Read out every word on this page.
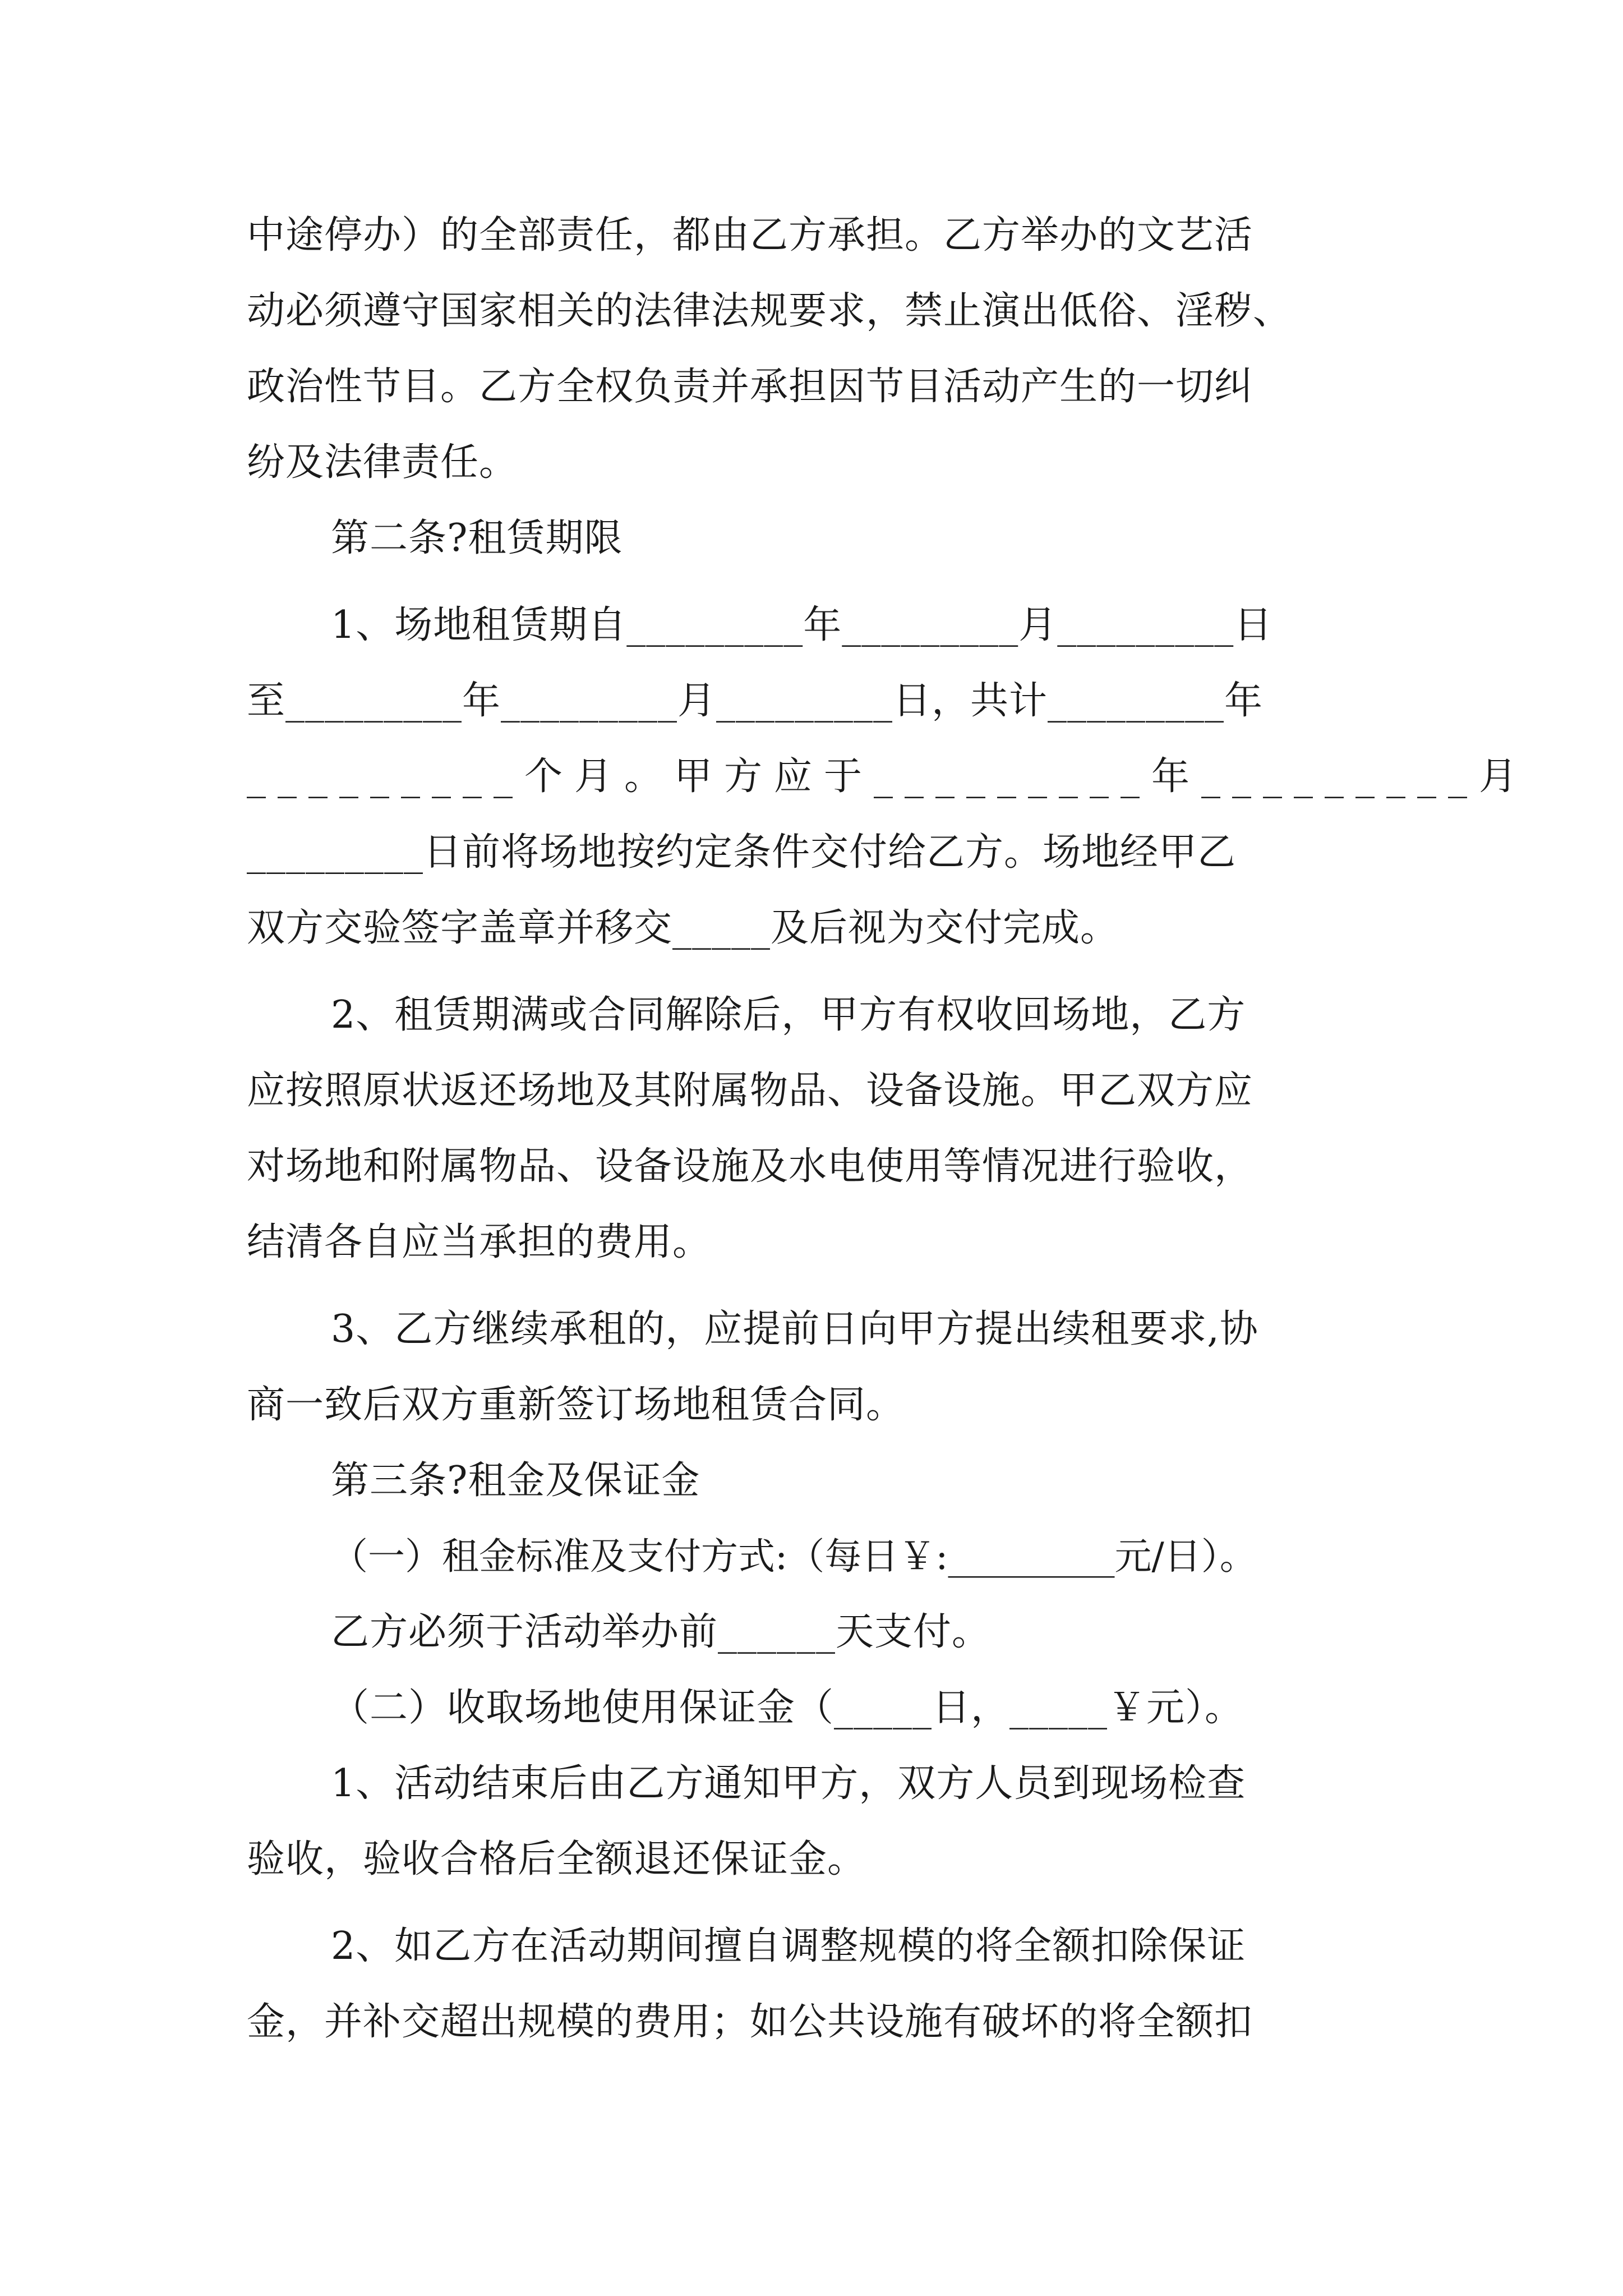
中途停办）的全部责任，都由乙方承担。乙方举办的文艺活

动必须遵守国家相关的法律法规要求，禁止演出低俗、淫秽、

政治性节目。乙方全权负责并承担因节目活动产生的一切纠

纷及法律责任。

第二条?租赁期限

1、场地租赁期自_________年_________月_________日

至_________年_________月_________日，共计_________年

_________个月。甲方应于_________年_________月

_________日前将场地按约定条件交付给乙方。场地经甲乙

双方交验签字盖章并移交_____及后视为交付完成。

2、租赁期满或合同解除后，甲方有权收回场地，乙方

应按照原状返还场地及其附属物品、设备设施。甲乙双方应

对场地和附属物品、设备设施及水电使用等情况进行验收，

结清各自应当承担的费用。

3、乙方继续承租的，应提前日向甲方提出续租要求,协

商一致后双方重新签订场地租赁合同。

第三条?租金及保证金

（一）租金标准及支付方式:（每日￥:_________元/日）。

乙方必须于活动举办前______天支付。

（二）收取场地使用保证金（_____日，_____￥元）。

1、活动结束后由乙方通知甲方，双方人员到现场检查

验收，验收合格后全额退还保证金。

2、如乙方在活动期间擅自调整规模的将全额扣除保证

金，并补交超出规模的费用；如公共设施有破坏的将全额扣
